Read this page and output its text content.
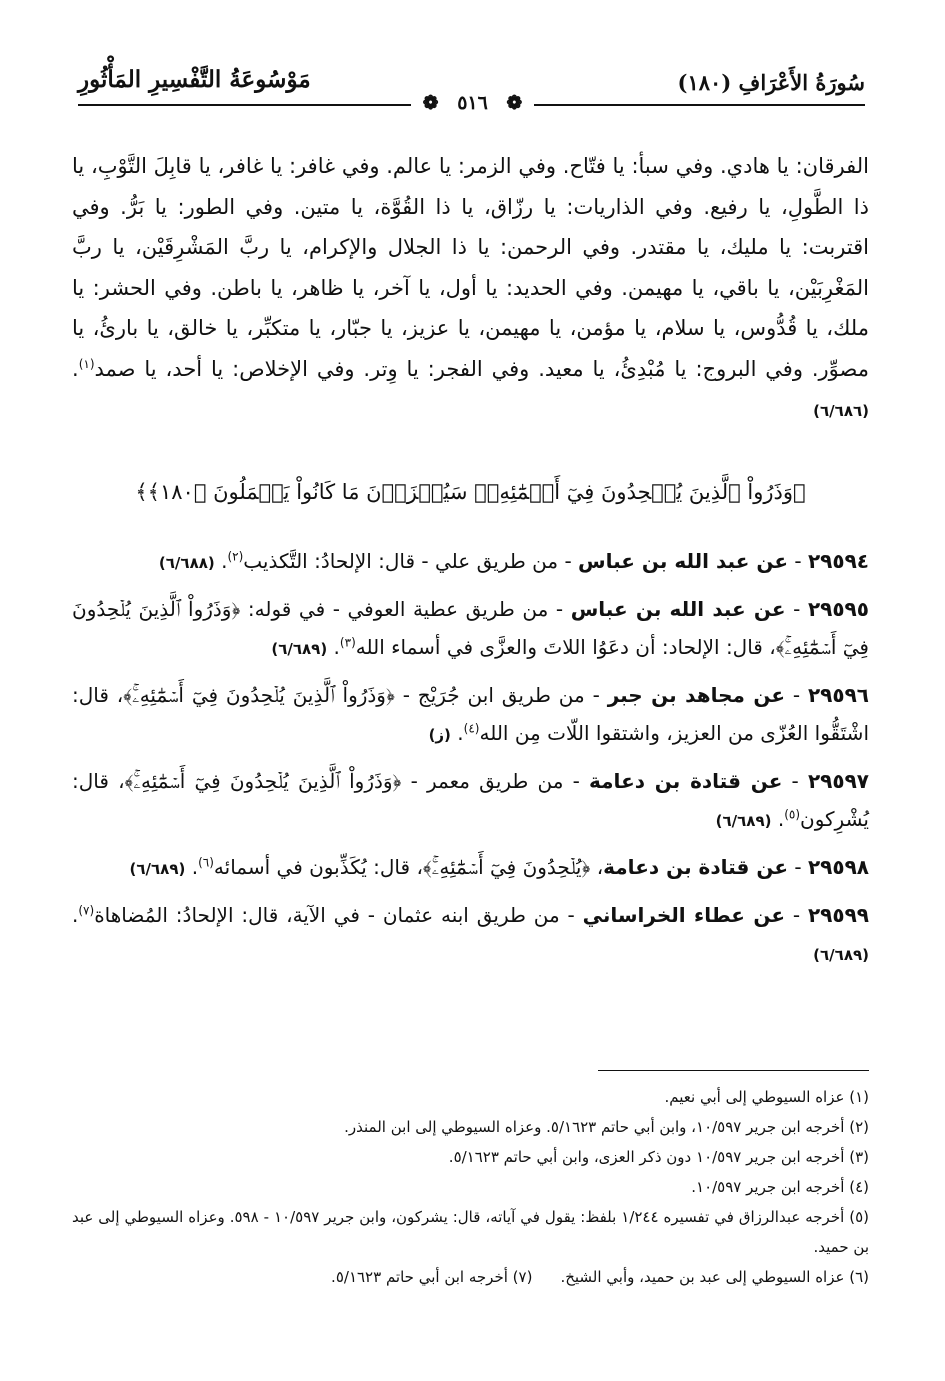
سُورَةُ الأَعْرَافِ (١٨٠)
مَوْسُوعَةُ التَّفْسِيرِ المَأْثُورِ
❁ ٥١٦ ❁

الفرقان: يا هادي. وفي سبأ: يا فتّاح. وفي الزمر: يا عالم. وفي غافر: يا غافر، يا قابِلَ التَّوْبِ، يا ذا الطَّولِ، يا رفيع. وفي الذاريات: يا رزّاق، يا ذا القُوَّة، يا متين. وفي الطور: يا بَرُّ. وفي اقتربت: يا مليك، يا مقتدر. وفي الرحمن: يا ذا الجلال والإكرام، يا ربَّ المَشْرِقَيْن، يا ربَّ المَغْرِبَيْن، يا باقي، يا مهيمن. وفي الحديد: يا أول، يا آخر، يا ظاهر، يا باطن. وفي الحشر: يا ملك، يا قُدُّوس، يا سلام، يا مؤمن، يا مهيمن، يا عزيز، يا جبّار، يا متكبِّر، يا خالق، يا بارئُ، يا مصوِّر. وفي البروج: يا مُبْدِئُ، يا معيد. وفي الفجر: يا وِتر. وفي الإخلاص: يا أحد، يا صمد$^{(١)}$. (٦/٦٨٦)

﴿وَذَرُواْ ٱلَّذِينَ يُلۡحِدُونَ فِيٓ أَسۡمَٰٓئِهِۦۚ سَيُجۡزَوۡنَ مَا كَانُواْ يَعۡمَلُونَ ﴿١٨٠﴾﴾

٢٩٥٩٤ - عن عبد الله بن عباس - من طريق علي - قال: الإلحادُ: التَّكذيب$^{(٢)}$. (٦/٦٨٨)

٢٩٥٩٥ - عن عبد الله بن عباس - من طريق عطية العوفي - في قوله: ﴿وَذَرُواْ ٱلَّذِينَ يُلۡحِدُونَ فِيٓ أَسۡمَٰٓئِهِۦۚ﴾، قال: الإلحاد: أن دعَوُا اللاتَ والعزَّى في أسماء الله$^{(٣)}$. (٦/٦٨٩)

٢٩٥٩٦ - عن مجاهد بن جبر - من طريق ابن جُرَيْج - ﴿وَذَرُواْ ٱلَّذِينَ يُلۡحِدُونَ فِيٓ أَسۡمَٰٓئِهِۦۚ﴾، قال: اشْتَقُّوا العُزّى من العزيز، واشتقوا اللّات مِن الله$^{(٤)}$. (ز)

٢٩٥٩٧ - عن قتادة بن دعامة - من طريق معمر - ﴿وَذَرُواْ ٱلَّذِينَ يُلۡحِدُونَ فِيٓ أَسۡمَٰٓئِهِۦۚ﴾، قال: يُشْرِكون$^{(٥)}$. (٦/٦٨٩)

٢٩٥٩٨ - عن قتادة بن دعامة، ﴿يُلۡحِدُونَ فِيٓ أَسۡمَٰٓئِهِۦۚ﴾، قال: يُكَذِّبون في أسمائه$^{(٦)}$. (٦/٦٨٩)

٢٩٥٩٩ - عن عطاء الخراساني - من طريق ابنه عثمان - في الآية، قال: الإلحادُ: المُضاهاة$^{(٧)}$. (٦/٦٨٩)

(١) عزاه السيوطي إلى أبي نعيم.

(٢) أخرجه ابن جرير ١٠/٥٩٧، وابن أبي حاتم ٥/١٦٢٣. وعزاه السيوطي إلى ابن المنذر.

(٣) أخرجه ابن جرير ١٠/٥٩٧ دون ذكر العزى، وابن أبي حاتم ٥/١٦٢٣.

(٤) أخرجه ابن جرير ١٠/٥٩٧.

(٥) أخرجه عبدالرزاق في تفسيره ١/٢٤٤ بلفظ: يقول في آياته، قال: يشركون، وابن جرير ١٠/٥٩٧ - ٥٩٨. وعزاه السيوطي إلى عبد بن حميد.

(٦) عزاه السيوطي إلى عبد بن حميد، وأبي الشيخ.
(٧) أخرجه ابن أبي حاتم ٥/١٦٢٣.
